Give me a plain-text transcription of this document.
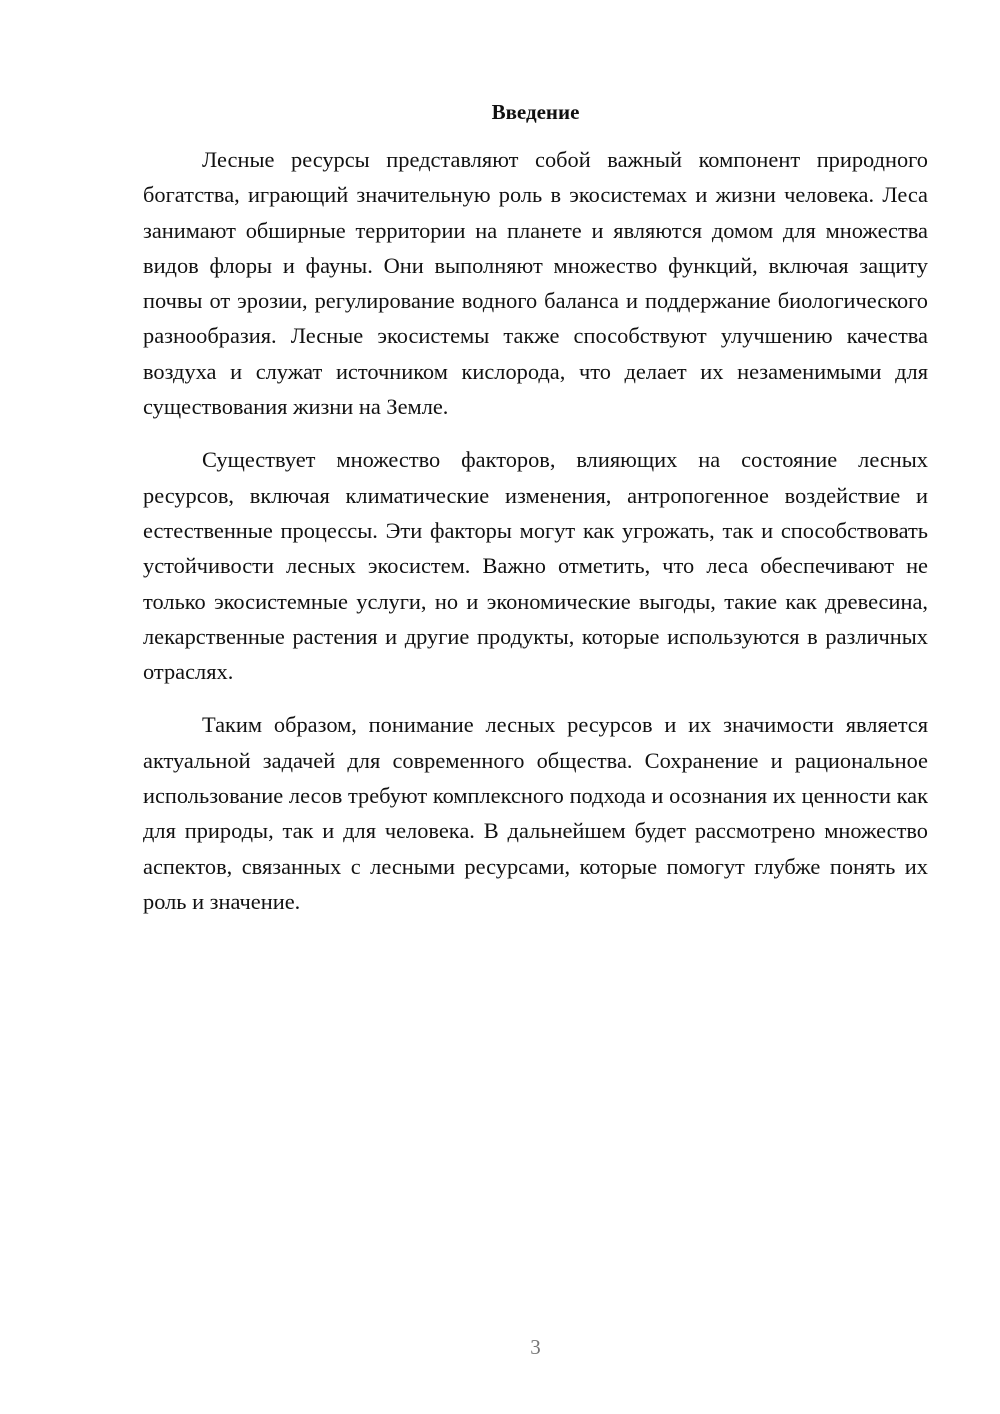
Введение

Лесные ресурсы представляют собой важный компонент природного богатства, играющий значительную роль в экосистемах и жизни человека. Леса занимают обширные территории на планете и являются домом для множества видов флоры и фауны. Они выполняют множество функций, включая защиту почвы от эрозии, регулирование водного баланса и поддержание биологического разнообразия. Лесные экосистемы также способствуют улучшению качества воздуха и служат источником кислорода, что делает их незаменимыми для существования жизни на Земле.

Существует множество факторов, влияющих на состояние лесных ресурсов, включая климатические изменения, антропогенное воздействие и естественные процессы. Эти факторы могут как угрожать, так и способствовать устойчивости лесных экосистем. Важно отметить, что леса обеспечивают не только экосистемные услуги, но и экономические выгоды, такие как древесина, лекарственные растения и другие продукты, которые используются в различных отраслях.

Таким образом, понимание лесных ресурсов и их значимости является актуальной задачей для современного общества. Сохранение и рациональное использование лесов требуют комплексного подхода и осознания их ценности как для природы, так и для человека. В дальнейшем будет рассмотрено множество аспектов, связанных с лесными ресурсами, которые помогут глубже понять их роль и значение.

3
